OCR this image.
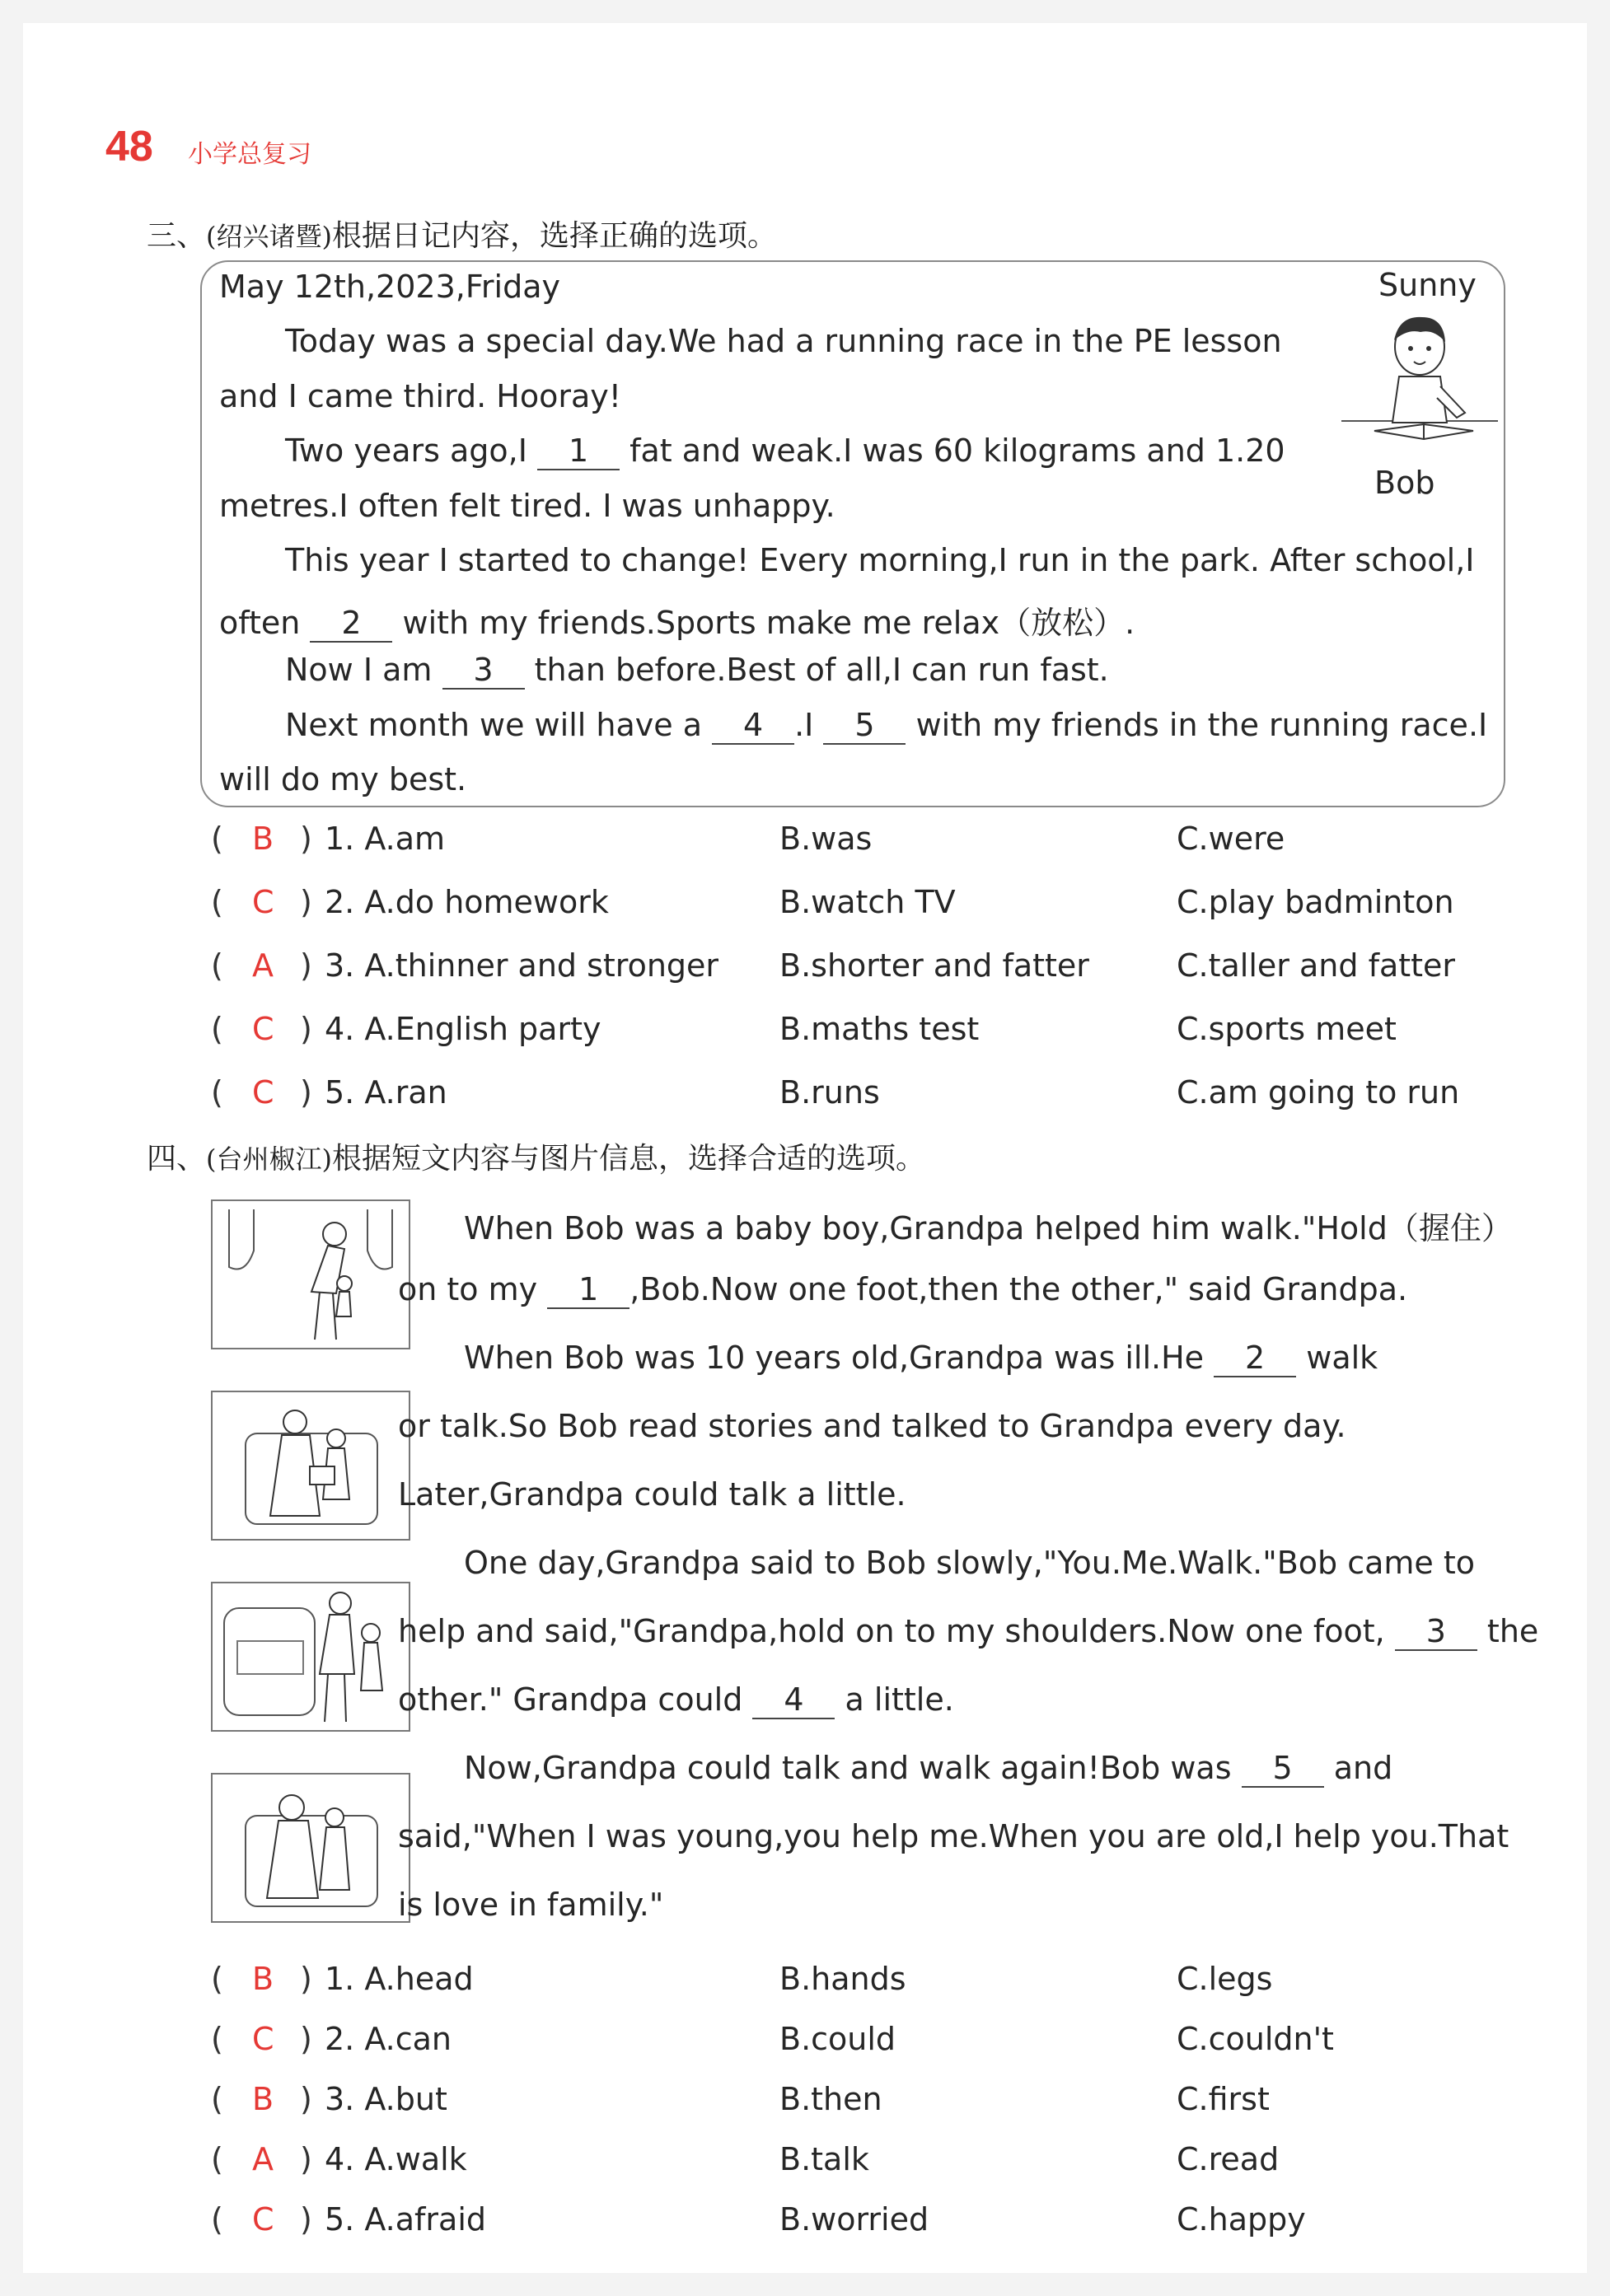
48 小学总复习
三、(绍兴诸暨)根据日记内容，选择正确的选项。
May 12th,2023,Friday
Today was a special day.We had a running race in the PE lesson
and I came third. Hooray!
Two years ago,I 1 fat and weak.I was 60 kilograms and 1.20
metres.I often felt tired. I was unhappy.
This year I started to change! Every morning,I run in the park. After school,I
often 2 with my friends.Sports make me relax（放松）.
Now I am 3 than before.Best of all,I can run fast.
Next month we will have a 4 .I 5 with my friends in the running race.I
will do my best.
Sunny
Bob
( B ) 1. A.am	B.was	C.were
( C ) 2. A.do homework	B.watch TV	C.play badminton
( A ) 3. A.thinner and stronger B.shorter and fatter	C.taller and fatter
( C ) 4. A.English party	B.maths test	C.sports meet
( C ) 5. A.ran	B.runs	C.am going to run
四、(台州椒江)根据短文内容与图片信息，选择合适的选项。
When Bob was a baby boy,Grandpa helped him walk."Hold（握住）
on to my 1 ,Bob.Now one foot,then the other," said Grandpa.
When Bob was 10 years old,Grandpa was ill.He 2 walk
or talk.So Bob read stories and talked to Grandpa every day.
Later,Grandpa could talk a little.
One day,Grandpa said to Bob slowly,"You.Me.Walk."Bob came to
help and said,"Grandpa,hold on to my shoulders.Now one foot, 3 the
other." Grandpa could 4 a little.
Now,Grandpa could talk and walk again!Bob was 5 and
said,"When I was young,you help me.When you are old,I help you.That
is love in family."
( B ) 1. A.head	B.hands	C.legs
( C ) 2. A.can	B.could	C.couldn't
( B ) 3. A.but	B.then	C.first
( A ) 4. A.walk	B.talk	C.read
( C ) 5. A.afraid	B.worried	C.happy
